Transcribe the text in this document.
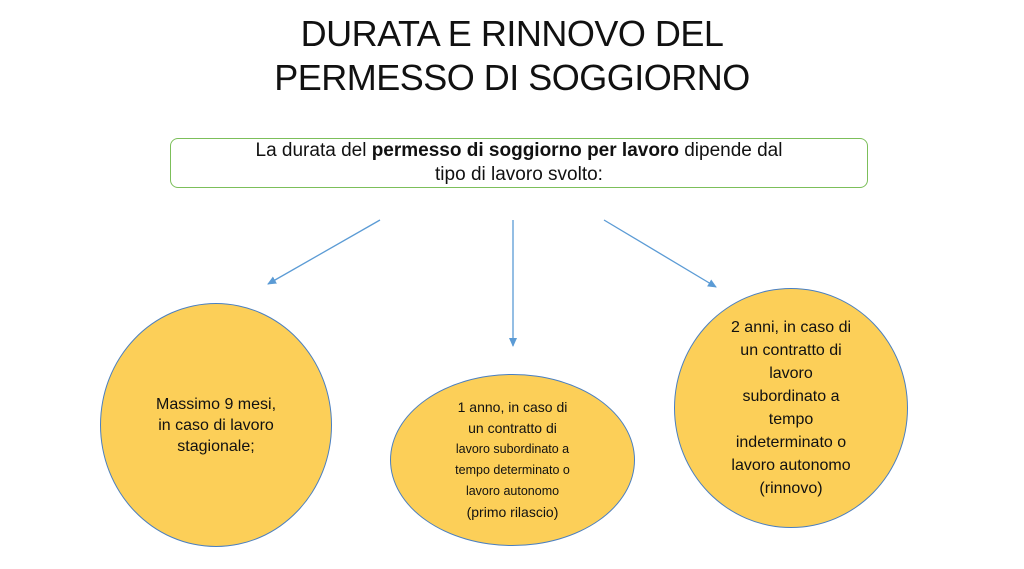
DURATA E RINNOVO DEL
PERMESSO DI SOGGIORNO
La durata del permesso di soggiorno per lavoro dipende dal
tipo di lavoro svolto:
Massimo 9 mesi,
in caso di lavoro
stagionale;
1 anno, in caso di
un contratto di
lavoro subordinato a
tempo determinato o
lavoro autonomo
(primo rilascio)
2 anni, in caso di
un contratto di
lavoro
subordinato a
tempo
indeterminato o
lavoro autonomo
(rinnovo)
